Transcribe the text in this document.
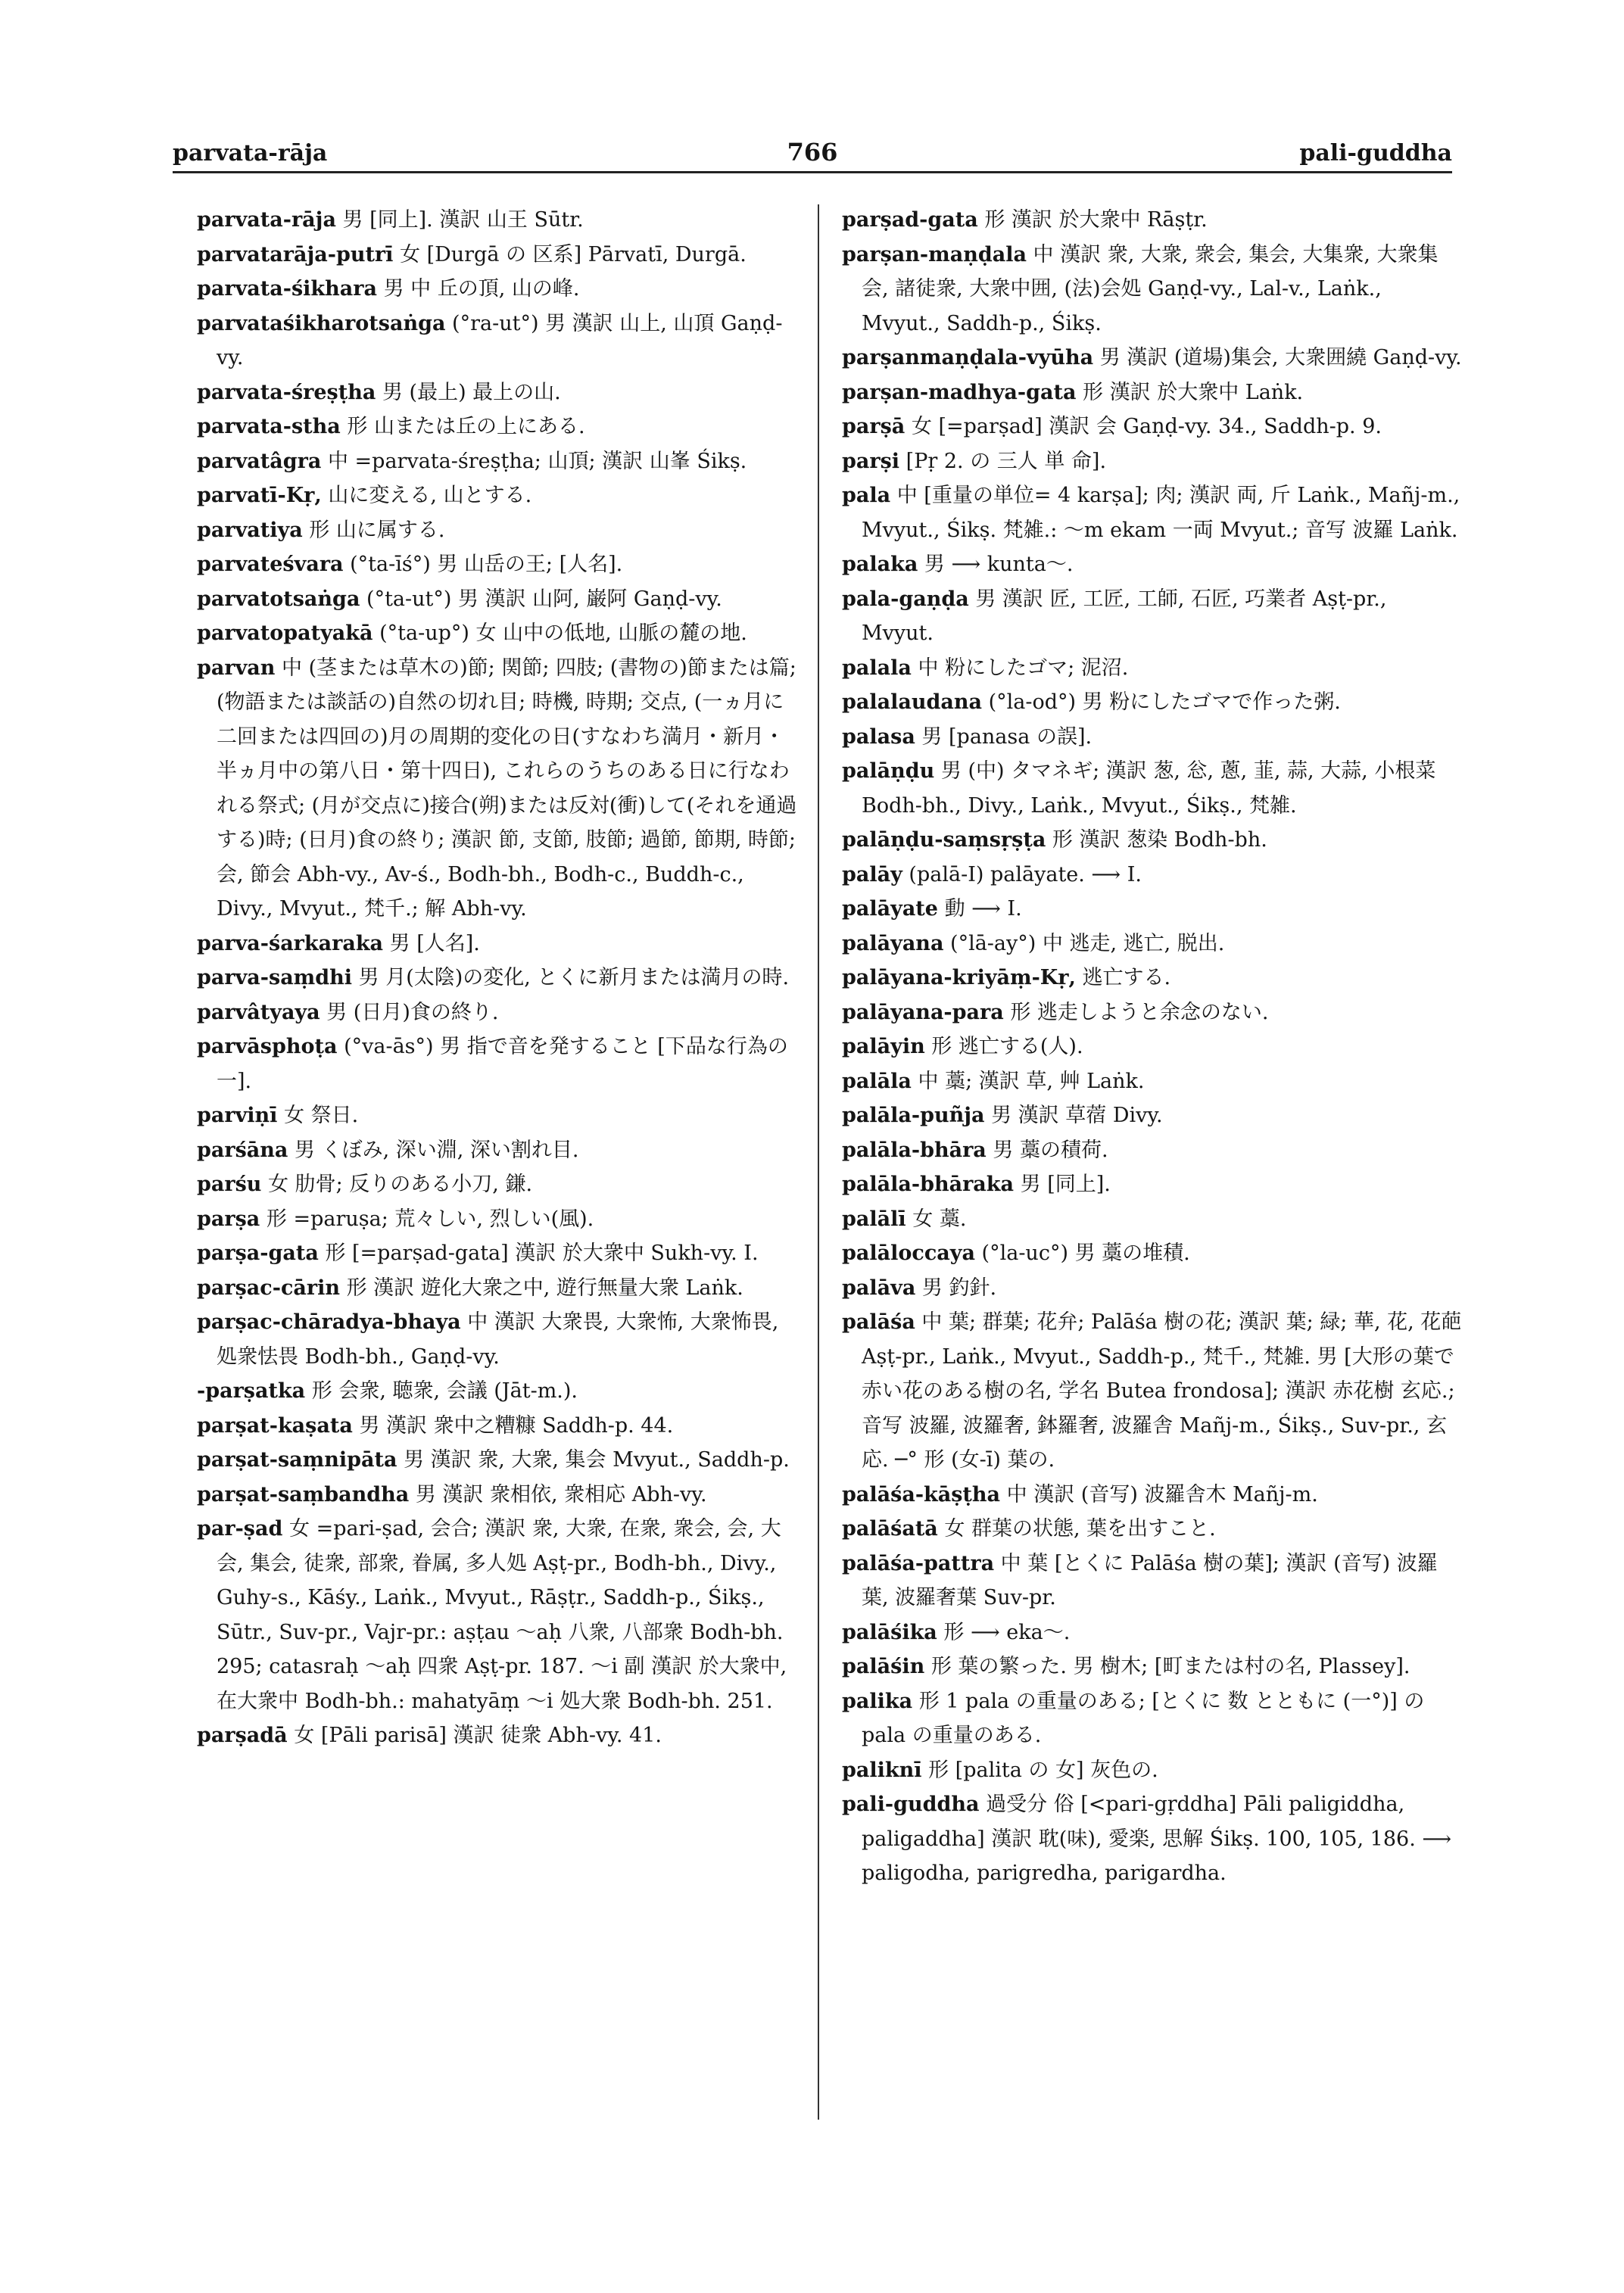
parvata-rāja	766	pali-guddha

parvata-rāja 男 [同上]. 漢訳 山王 Sūtr.

parvatarāja-putrī 女 [Durgā の 区系] Pārvatī, Durgā.

parvata-śikhara 男 中 丘の頂, 山の峰.

parvataśikharotsaṅga (°ra-ut°) 男 漢訳 山上, 山頂 Gaṇḍ-vy.

parvata-śreṣṭha 男 (最上) 最上の山.

parvata-stha 形 山または丘の上にある.

parvatâgra 中 =parvata-śreṣṭha; 山頂; 漢訳 山峯 Śikṣ.

parvatī-Kṛ, 山に変える, 山とする.

parvatiya 形 山に属する.

parvateśvara (°ta-īś°) 男 山岳の王; [人名].

parvatotsaṅga (°ta-ut°) 男 漢訳 山阿, 巌阿 Gaṇḍ-vy.

parvatopatyakā (°ta-up°) 女 山中の低地, 山脈の麓の地.

parvan 中 (茎または草木の)節; 関節; 四肢; (書物の)節または篇; (物語または談話の)自然の切れ目; 時機, 時期; 交点, (一ヵ月に二回または四回の)月の周期的変化の日(すなわち満月・新月・半ヵ月中の第八日・第十四日), これらのうちのある日に行なわれる祭式; (月が交点に)接合(朔)または反対(衝)して(それを通過する)時; (日月)食の終り; 漢訳 節, 支節, 肢節; 過節, 節期, 時節; 会, 節会 Abh-vy., Av-ś., Bodh-bh., Bodh-c., Buddh-c., Divy., Mvyut., 梵千.; 解 Abh-vy.

parva-śarkaraka 男 [人名].

parva-saṃdhi 男 月(太陰)の変化, とくに新月または満月の時.

parvâtyaya 男 (日月)食の終り.

parvāsphoṭa (°va-ās°) 男 指で音を発すること [下品な行為の一].

parviṇī 女 祭日.

parśāna 男 くぼみ, 深い淵, 深い割れ目.

parśu 女 肋骨; 反りのある小刀, 鎌.

parṣa 形 =paruṣa; 荒々しい, 烈しい(風).

parṣa-gata 形 [=parṣad-gata] 漢訳 於大衆中 Sukh-vy. I.

parṣac-cārin 形 漢訳 遊化大衆之中, 遊行無量大衆 Laṅk.

parṣac-chāradya-bhaya 中 漢訳 大衆畏, 大衆怖, 大衆怖畏, 処衆怯畏 Bodh-bh., Gaṇḍ-vy.

-parṣatka 形 会衆, 聴衆, 会議 (Jāt-m.).

parṣat-kaṣata 男 漢訳 衆中之糟糠 Saddh-p. 44.

parṣat-saṃnipāta 男 漢訳 衆, 大衆, 集会 Mvyut., Saddh-p.

parṣat-saṃbandha 男 漢訳 衆相依, 衆相応 Abh-vy.

par-ṣad 女 =pari-ṣad, 会合; 漢訳 衆, 大衆, 在衆, 衆会, 会, 大会, 集会, 徒衆, 部衆, 眷属, 多人処 Aṣṭ-pr., Bodh-bh., Divy., Guhy-s., Kāśy., Laṅk., Mvyut., Rāṣṭr., Saddh-p., Śikṣ., Sūtr., Suv-pr., Vajr-pr.: aṣṭau ～aḥ 八衆, 八部衆 Bodh-bh. 295; catasraḥ ～aḥ 四衆 Aṣṭ-pr. 187. ～i 副 漢訳 於大衆中, 在大衆中 Bodh-bh.: mahatyāṃ ～i 処大衆 Bodh-bh. 251.

parṣadā 女 [Pāli parisā] 漢訳 徒衆 Abh-vy. 41.

parṣad-gata 形 漢訳 於大衆中 Rāṣṭr.

parṣan-maṇḍala 中 漢訳 衆, 大衆, 衆会, 集会, 大集衆, 大衆集会, 諸徒衆, 大衆中囲, (法)会処 Gaṇḍ-vy., Lal-v., Laṅk., Mvyut., Saddh-p., Śikṣ.

parṣanmaṇḍala-vyūha 男 漢訳 (道場)集会, 大衆囲繞 Gaṇḍ-vy.

parṣan-madhya-gata 形 漢訳 於大衆中 Laṅk.

parṣā 女 [=parṣad] 漢訳 会 Gaṇḍ-vy. 34., Saddh-p. 9.

parṣi [Pṛ 2. の 三人 単 命].

pala 中 [重量の単位= 4 karṣa]; 肉; 漢訳 両, 斤 Laṅk., Mañj-m., Mvyut., Śikṣ. 梵雑.: ～m ekam 一両 Mvyut.; 音写 波羅 Laṅk.

palaka 男 ⟶ kunta～.

pala-gaṇḍa 男 漢訳 匠, 工匠, 工師, 石匠, 巧業者 Aṣṭ-pr., Mvyut.

palala 中 粉にしたゴマ; 泥沼.

palalaudana (°la-od°) 男 粉にしたゴマで作った粥.

palasa 男 [panasa の誤].

palāṇḍu 男 (中) タマネギ; 漢訳 葱, 忩, 蔥, 韮, 蒜, 大蒜, 小根菜 Bodh-bh., Divy., Laṅk., Mvyut., Śikṣ., 梵雑.

palāṇḍu-saṃsṛṣṭa 形 漢訳 葱染 Bodh-bh.

palāy (palā-I) palāyate. ⟶ I.

palāyate 動 ⟶ I.

palāyana (°lā-ay°) 中 逃走, 逃亡, 脱出.

palāyana-kriyāṃ-Kṛ, 逃亡する.

palāyana-para 形 逃走しようと余念のない.

palāyin 形 逃亡する(人).

palāla 中 藁; 漢訳 草, 艸 Laṅk.

palāla-puñja 男 漢訳 草蓿 Divy.

palāla-bhāra 男 藁の積荷.

palāla-bhāraka 男 [同上].

palālī 女 藁.

palāloccaya (°la-uc°) 男 藁の堆積.

palāva 男 釣針.

palāśa 中 葉; 群葉; 花弁; Palāśa 樹の花; 漢訳 葉; 緑; 華, 花, 花葩 Aṣṭ-pr., Laṅk., Mvyut., Saddh-p., 梵千., 梵雑. 男 [大形の葉で赤い花のある樹の名, 学名 Butea frondosa]; 漢訳 赤花樹 玄応.; 音写 波羅, 波羅奢, 鉢羅奢, 波羅舎 Mañj-m., Śikṣ., Suv-pr., 玄応. ─° 形 (女-ī) 葉の.

palāśa-kāṣṭha 中 漢訳 (音写) 波羅舎木 Mañj-m.

palāśatā 女 群葉の状態, 葉を出すこと.

palāśa-pattra 中 葉 [とくに Palāśa 樹の葉]; 漢訳 (音写) 波羅葉, 波羅奢葉 Suv-pr.

palāśika 形 ⟶ eka～.

palāśin 形 葉の繁った. 男 樹木; [町または村の名, Plassey].

palika 形 1 pala の重量のある; [とくに 数 とともに (一°)] の pala の重量のある.

paliknī 形 [palita の 女] 灰色の.

pali-guddha 過受分 俗 [<pari-gṛddha] Pāli paligiddha, paligaddha] 漢訳 耽(味), 愛楽, 思解 Śikṣ. 100, 105, 186. ⟶ paligodha, parigredha, parigardha.
